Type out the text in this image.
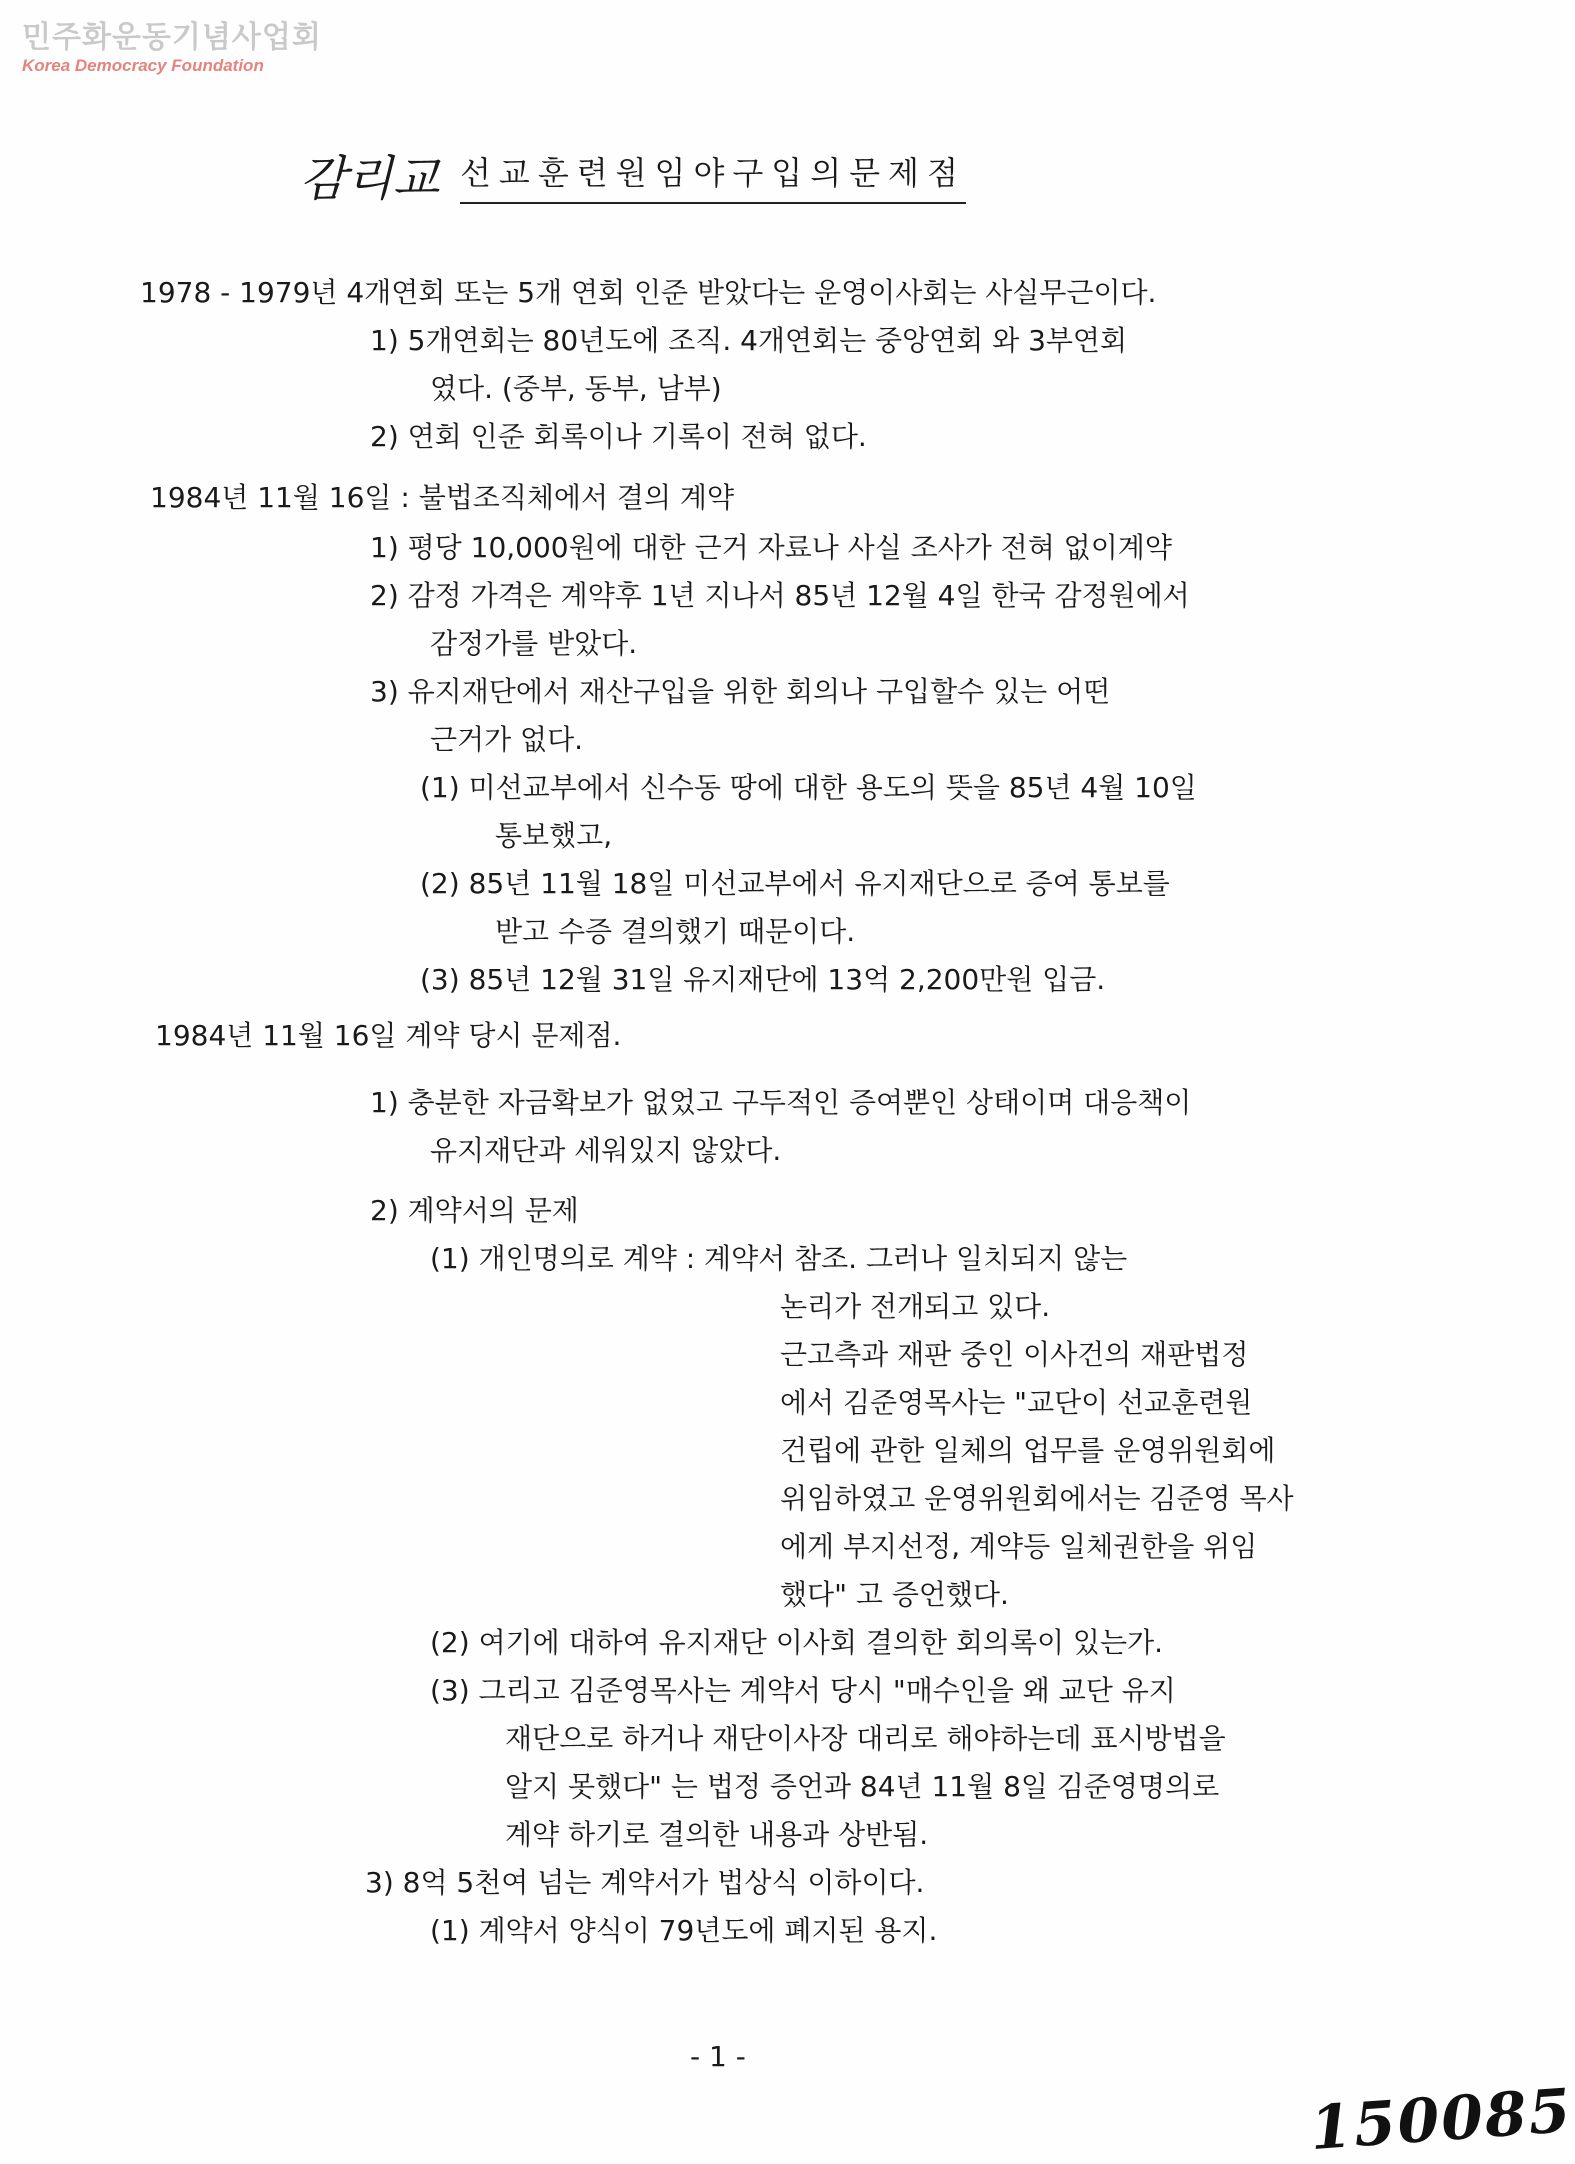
민주화운동기념사업회
Korea Democracy Foundation
감리교 선교훈련원임야구입의문제점
1978 - 1979년 4개연회 또는 5개 연회 인준 받았다는 운영이사회는 사실무근이다.
1) 5개연회는 80년도에 조직. 4개연회는 중앙연회 와 3부연회
였다. (중부, 동부, 남부)
2) 연회 인준 회록이나 기록이 전혀 없다.
1984년 11월 16일 : 불법조직체에서 결의 계약
1) 평당 10,000원에 대한 근거 자료나 사실 조사가 전혀 없이계약
2) 감정 가격은 계약후 1년 지나서 85년 12월 4일 한국 감정원에서
감정가를 받았다.
3) 유지재단에서 재산구입을 위한 회의나 구입할수 있는 어떤
근거가 없다.
(1) 미선교부에서 신수동 땅에 대한 용도의 뜻을 85년 4월 10일
통보했고,
(2) 85년 11월 18일 미선교부에서 유지재단으로 증여 통보를
받고 수증 결의했기 때문이다.
(3) 85년 12월 31일 유지재단에 13억 2,200만원 입금.
1984년 11월 16일 계약 당시 문제점.
1) 충분한 자금확보가 없었고 구두적인 증여뿐인 상태이며 대응책이
유지재단과 세워있지 않았다.
2) 계약서의 문제
(1) 개인명의로 계약 : 계약서 참조. 그러나 일치되지 않는
논리가 전개되고 있다.
근고측과 재판 중인 이사건의 재판법정
에서 김준영목사는 "교단이 선교훈련원
건립에 관한 일체의 업무를 운영위원회에
위임하였고 운영위원회에서는 김준영 목사
에게 부지선정, 계약등 일체권한을 위임
했다" 고 증언했다.
(2) 여기에 대하여 유지재단 이사회 결의한 회의록이 있는가.
(3) 그리고 김준영목사는 계약서 당시 "매수인을 왜 교단 유지
재단으로 하거나 재단이사장 대리로 해야하는데 표시방법을
알지 못했다" 는 법정 증언과 84년 11월 8일 김준영명의로
계약 하기로 결의한 내용과 상반됨.
3) 8억 5천여 넘는 계약서가 법상식 이하이다.
(1) 계약서 양식이 79년도에 폐지된 용지.
- 1 -
150085
